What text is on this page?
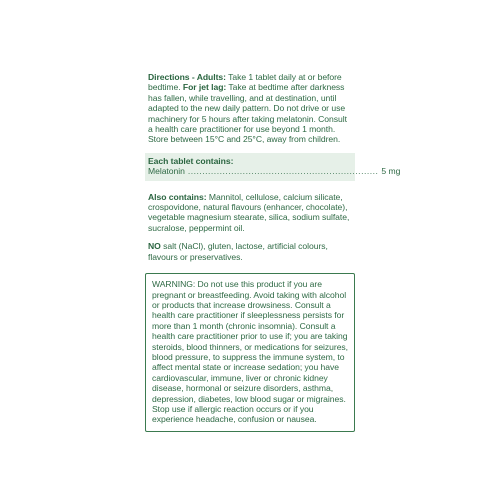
Directions - Adults: Take 1 tablet daily at or before bedtime. For jet lag: Take at bedtime after darkness has fallen, while travelling, and at destination, until adapted to the new daily pattern. Do not drive or use machinery for 5 hours after taking melatonin. Consult a health care practitioner for use beyond 1 month. Store between 15°C and 25°C, away from children.

Each tablet contains:
Melatonin .................................................................. 5 mg

Also contains: Mannitol, cellulose, calcium silicate, crospovidone, natural flavours (enhancer, chocolate), vegetable magnesium stearate, silica, sodium sulfate, sucralose, peppermint oil.

NO salt (NaCl), gluten, lactose, artificial colours, flavours or preservatives.

WARNING: Do not use this product if you are pregnant or breastfeeding. Avoid taking with alcohol or products that increase drowsiness. Consult a health care practitioner if sleeplessness persists for more than 1 month (chronic insomnia). Consult a health care practitioner prior to use if; you are taking steroids, blood thinners, or medications for seizures, blood pressure, to suppress the immune system, to affect mental state or increase sedation; you have cardiovascular, immune, liver or chronic kidney disease, hormonal or seizure disorders, asthma, depression, diabetes, low blood sugar or migraines. Stop use if allergic reaction occurs or if you experience headache, confusion or nausea.
